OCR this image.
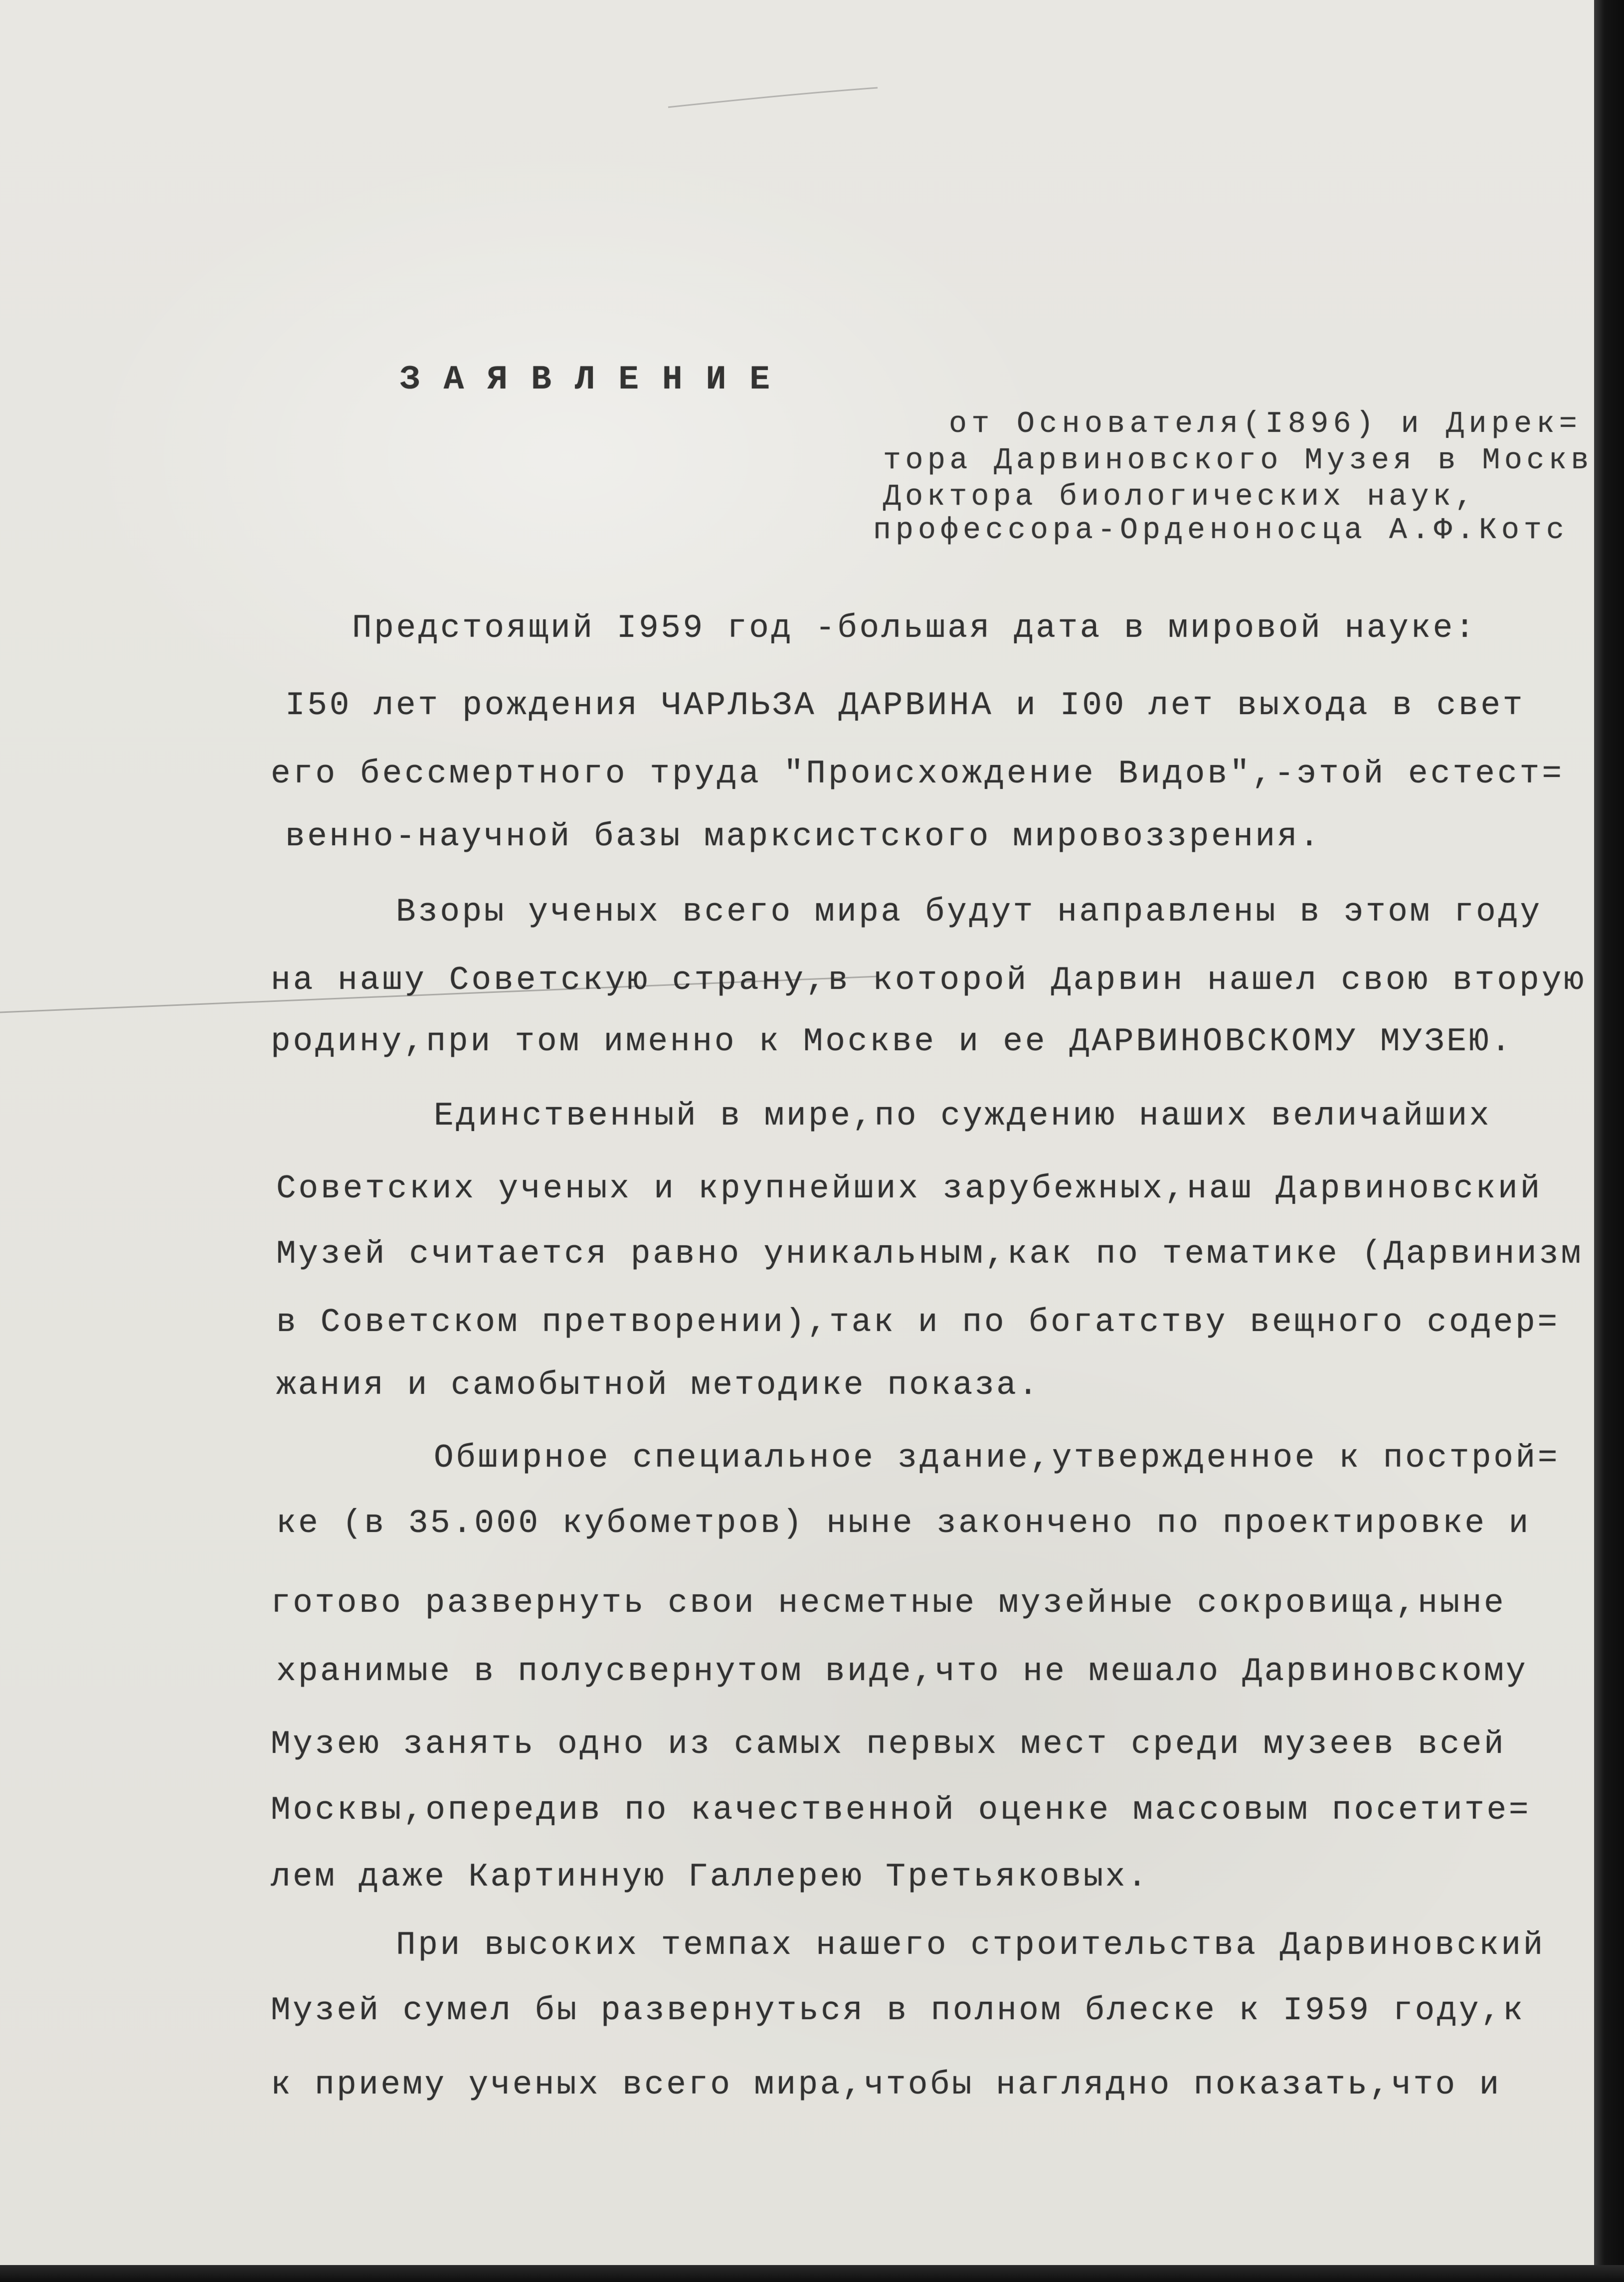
З А Я В Л Е Н И Е
от Основателя(I896) и Дирек=
тора Дарвиновского Музея в Москв
Доктора биологических наук,
профессора-Орденоносца А.Ф.Котс
Предстоящий I959 год -большая дата в мировой науке:
I50 лет рождения ЧАРЛЬЗА ДАРВИНА и I00 лет выхода в свет
его бессмертного труда "Происхождение Видов",-этой естест=
венно-научной базы марксистского мировоззрения.
Взоры ученых всего мира будут направлены в этом году
на нашу Советскую страну,в которой Дарвин нашел свою вторую
родину,при том именно к Москве и ее ДАРВИНОВСКОМУ МУЗЕЮ.
Единственный в мире,по суждению наших величайших
Советских ученых и крупнейших зарубежных,наш Дарвиновский
Музей считается равно уникальным,как по тематике (Дарвинизм
в Советском претворении),так и по богатству вещного содер=
жания и самобытной методике показа.
Обширное специальное здание,утвержденное к построй=
ке (в 35.000 кубометров) ныне закончено по проектировке и
готово развернуть свои несметные музейные сокровища,ныне
хранимые в полусвернутом виде,что не мешало Дарвиновскому
Музею занять одно из самых первых мест среди музеев всей
Москвы,опередив по качественной оценке массовым посетите=
лем даже Картинную Галлерею Третьяковых.
При высоких темпах нашего строительства Дарвиновский
Музей сумел бы развернуться в полном блеске к I959 году,к
к приему ученых всего мира,чтобы наглядно показать,что и
